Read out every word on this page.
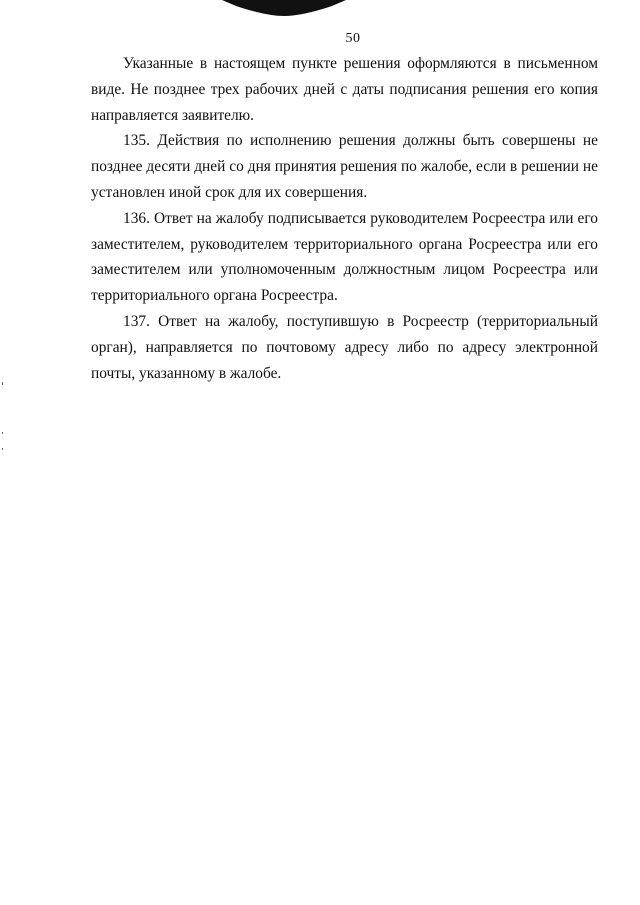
50

Указанные в настоящем пункте решения оформляются в письменном виде. Не позднее трех рабочих дней с даты подписания решения его копия направляется заявителю.

135. Действия по исполнению решения должны быть совершены не позднее десяти дней со дня принятия решения по жалобе, если в решении не установлен иной срок для их совершения.

136. Ответ на жалобу подписывается руководителем Росреестра или его заместителем, руководителем территориального органа Росреестра или его заместителем или уполномоченным должностным лицом Росреестра или территориального органа Росреестра.

137. Ответ на жалобу, поступившую в Росреестр (территориальный орган), направляется по почтовому адресу либо по адресу электронной почты, указанному в жалобе.
